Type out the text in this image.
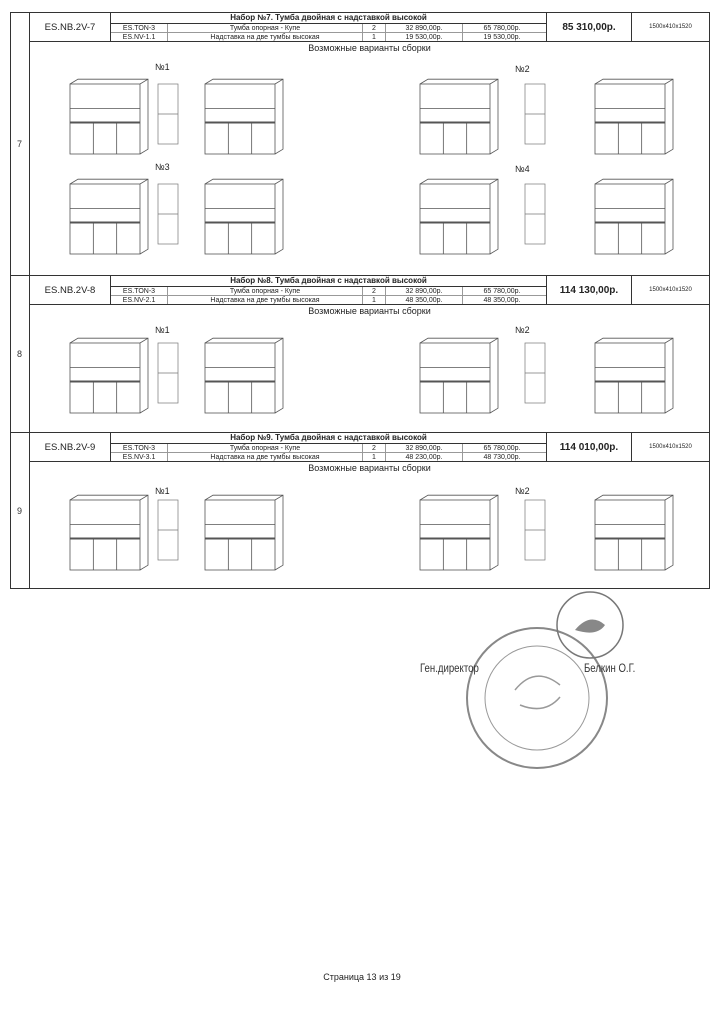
7
ES.NB.2V-7
Набор №7. Тумба двойная с надставкой высокой
ES.TON-3	Тумба опорная - Купе	2	32 890,00р.	65 780,00р.
ES.NV-1.1	Надставка на две тумбы высокая	1	19 530,00р.	19 530,00р.
85 310,00р.	1500x410x1520
Возможные варианты сборки
№1	№2
№3	№4
8
ES.NB.2V-8
Набор №8. Тумба двойная с надставкой высокой
ES.TON-3	Тумба опорная - Купе	2	32 890,00р.	65 780,00р.
ES.NV-2.1	Надставка на две тумбы высокая	1	48 350,00р.	48 350,00р.
114 130,00р.	1500x410x1520
Возможные варианты сборки
№1	№2
9
ES.NB.2V-9
Набор №9. Тумба двойная с надставкой высокой
ES.TON-3	Тумба опорная - Купе	2	32 890,00р.	65 780,00р.
ES.NV-3.1	Надставка на две тумбы высокая	1	48 230,00р.	48 730,00р.
114 010,00р.	1500x410x1520
Возможные варианты сборки
№1	№2
Ген.директор	Белкин О.Г.
Страница 13 из 19
